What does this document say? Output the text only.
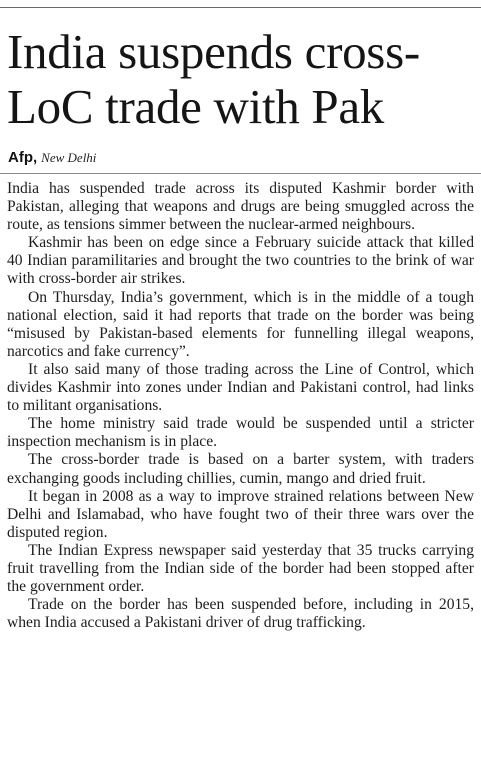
India suspends cross-LoC trade with Pak
Afp , New Delhi

India has suspended trade across its disputed Kashmir border with Pakistan, alleging that weapons and drugs are being smuggled across the route, as tensions simmer between the nuclear-armed neighbours.

Kashmir has been on edge since a February suicide attack that killed 40 Indian paramilitaries and brought the two countries to the brink of war with cross-border air strikes.

On Thursday, India’s government, which is in the middle of a tough national election, said it had reports that trade on the border was being “misused by Pakistan-based elements for funnelling illegal weapons, narcotics and fake currency”.

It also said many of those trading across the Line of Control, which divides Kashmir into zones under Indian and Pakistani control, had links to militant organisations.

The home ministry said trade would be suspended until a stricter inspection mechanism is in place.

The cross-border trade is based on a barter system, with traders exchanging goods including chillies, cumin, mango and dried fruit.

It began in 2008 as a way to improve strained relations between New Delhi and Islamabad, who have fought two of their three wars over the disputed region.

The Indian Express newspaper said yesterday that 35 trucks carrying fruit travelling from the Indian side of the border had been stopped after the government order.

Trade on the border has been suspended before, including in 2015, when India accused a Pakistani driver of drug trafficking.
